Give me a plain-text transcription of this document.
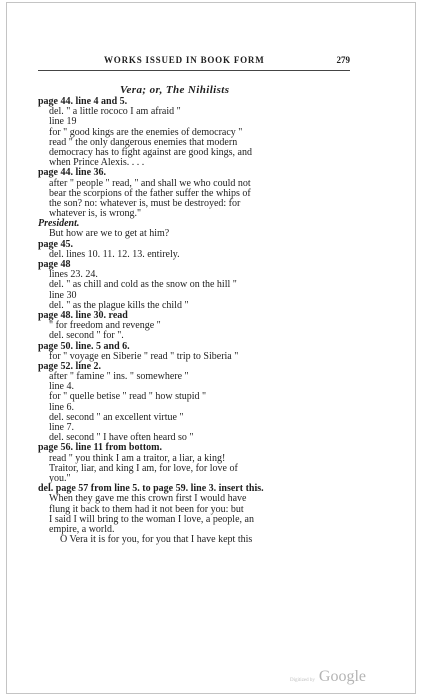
WORKS ISSUED IN BOOK FORM	279
Vera; or, The Nihilists
page 44. line 4 and 5.
del. " a little rococo I am afraid "
line 19
for " good kings are the enemies of democracy "
read " the only dangerous enemies that modern
democracy has to fight against are good kings, and
when Prince Alexis. . . .
page 44. line 36.
after " people " read, " and shall we who could not
bear the scorpions of the father suffer the whips of
the son? no: whatever is, must be destroyed: for
whatever is, is wrong."
President.
But how are we to get at him?
page 45.
del. lines 10. 11. 12. 13. entirely.
page 48
lines 23. 24.
del. " as chill and cold as the snow on the hill "
line 30
del. " as the plague kills the child "
page 48. line 30. read
" for freedom and revenge "
del. second " for ".
page 50. line. 5 and 6.
for " voyage en Siberie " read " trip to Siberia "
page 52. line 2.
after " famine " ins. " somewhere "
line 4.
for " quelle betise " read " how stupid "
line 6.
del. second " an excellent virtue "
line 7.
del. second " I have often heard so "
page 56. line 11 from bottom.
read " you think I am a traitor, a liar, a king!
Traitor, liar, and king I am, for love, for love of
you."
del. page 57 from line 5. to page 59. line 3. insert this.
When they gave me this crown first I would have
flung it back to them had it not been for you: but
I said I will bring to the woman I love, a people, an
empire, a world.
O Vera it is for you, for you that I have kept this
Digitized by Google
